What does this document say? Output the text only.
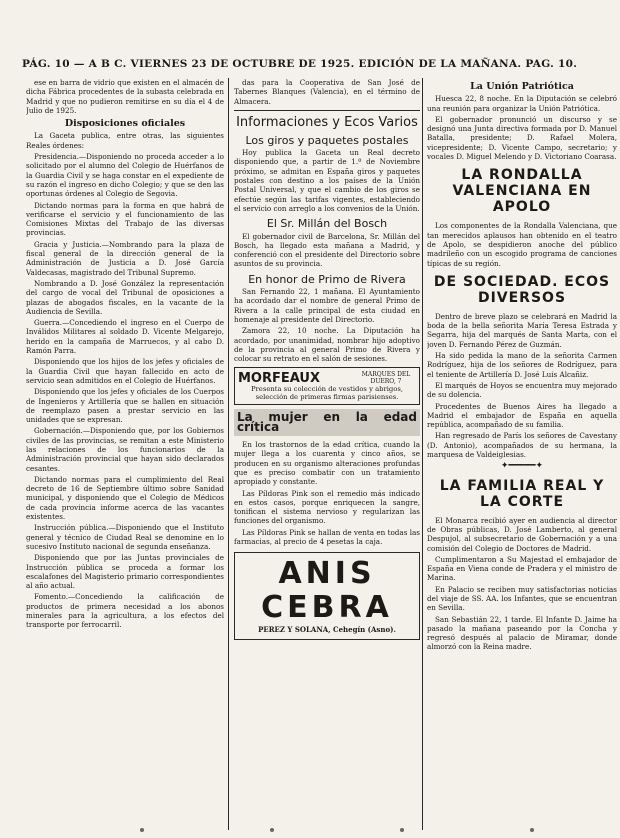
PÁG. 10 — A B C. VIERNES 23 DE OCTUBRE DE 1925. EDICIÓN DE LA MAÑANA. PAG. 10.

ese en barra de vidrio que existen en el almacén de dicha Fábrica procedentes de la subasta celebrada en Madrid y que no pudieron remitirse en su día el 4 de Julio de 1925.

Disposiciones oficiales

La Gaceta publica, entre otras, las siguientes Reales órdenes:

Presidencia.—Disponiendo no proceda acceder a lo solicitado por el alumno del Colegio de Huérfanos de la Guardia Civil y se haga constar en el expediente de su razón el ingreso en dicho Colegio; y que se den las oportunas órdenes al Colegio de Segovia.

Dictando normas para la forma en que habrá de verificarse el servicio y el funcionamiento de las Comisiones Mixtas del Trabajo de las diversas provincias.

Gracia y Justicia.—Nombrando para la plaza de fiscal general de la dirección general de la Administración de Justicia a D. José García Valdecasas, magistrado del Tribunal Supremo.

Nombrando a D. José González la representación del cargo de vocal del Tribunal de oposiciones a plazas de abogados fiscales, en la vacante de la Audiencia de Sevilla.

Guerra.—Concediendo el ingreso en el Cuerpo de Inválidos Militares al soldado D. Vicente Melgarejo, herido en la campaña de Marruecos, y al cabo D. Ramón Parra.

Disponiendo que los hijos de los jefes y oficiales de la Guardia Civil que hayan fallecido en acto de servicio sean admitidos en el Colegio de Huérfanos.

Disponiendo que los jefes y oficiales de los Cuerpos de Ingenieros y Artillería que se hallen en situación de reemplazo pasen a prestar servicio en las unidades que se expresan.

Gobernación.—Disponiendo que, por los Gobiernos civiles de las provincias, se remitan a este Ministerio las relaciones de los funcionarios de la Administración provincial que hayan sido declarados cesantes.

Dictando normas para el cumplimiento del Real decreto de 16 de Septiembre último sobre Sanidad municipal, y disponiendo que el Colegio de Médicos de cada provincia informe acerca de las vacantes existentes.

Instrucción pública.—Disponiendo que el Instituto general y técnico de Ciudad Real se denomine en lo sucesivo Instituto nacional de segunda enseñanza.

Disponiendo que por las Juntas provinciales de Instrucción pública se proceda a formar los escalafones del Magisterio primario correspondientes al año actual.

Fomento.—Concediendo la calificación de productos de primera necesidad a los abonos minerales para la agricultura, a los efectos del transporte por ferrocarril.

das para la Cooperativa de San José de Tabernes Blanques (Valencia), en el término de Almacera.

Informaciones y Ecos Varios
Los giros y paquetes postales

Hoy publica la Gaceta un Real decreto disponiendo que, a partir de 1.º de Noviembre próximo, se admitan en España giros y paquetes postales con destino a los países de la Unión Postal Universal, y que el cambio de los giros se efectúe según las tarifas vigentes, estableciendo el servicio con arreglo a los convenios de la Unión.

El Sr. Millán del Bosch

El gobernador civil de Barcelona, Sr. Millán del Bosch, ha llegado esta mañana a Madrid, y conferenció con el presidente del Directorio sobre asuntos de su provincia.

En honor de Primo de Rivera

San Fernando 22, 1 mañana. El Ayuntamiento ha acordado dar el nombre de general Primo de Rivera a la calle principal de esta ciudad en homenaje al presidente del Directorio.

Zamora 22, 10 noche. La Diputación ha acordado, por unanimidad, nombrar hijo adoptivo de la provincia al general Primo de Rivera y colocar su retrato en el salón de sesiones.

MORFEAUX	MARQUES DEL DUERO, 7
Presenta su colección de vestidos y abrigos, selección de primeras firmas parisienses.
La mujer en la edad crítica

En los trastornos de la edad crítica, cuando la mujer llega a los cuarenta y cinco años, se producen en su organismo alteraciones profundas que es preciso combatir con un tratamiento apropiado y constante.

Las Píldoras Pink son el remedio más indicado en estos casos, porque enriquecen la sangre, tonifican el sistema nervioso y regularizan las funciones del organismo.

Las Píldoras Pink se hallan de venta en todas las farmacias, al precio de 4 pesetas la caja.

ANIS CEBRA
PEREZ Y SOLANA, Cehegín (Asno).
La Unión Patriótica

Huesca 22, 8 noche. En la Diputación se celebró una reunión para organizar la Unión Patriótica.

El gobernador pronunció un discurso y se designó una Junta directiva formada por D. Manuel Batalla, presidente; D. Rafael Molera, vicepresidente; D. Vicente Campo, secretario; y vocales D. Miguel Melendo y D. Victoriano Coarasa.

LA RONDALLA VALENCIANA EN APOLO

Los componentes de la Rondalla Valenciana, que tan merecidos aplausos han obtenido en el teatro de Apolo, se despidieron anoche del público madrileño con un escogido programa de canciones típicas de su región.

DE SOCIEDAD. ECOS DIVERSOS

Dentro de breve plazo se celebrará en Madrid la boda de la bella señorita María Teresa Estrada y Segarra, hija del marqués de Santa Marta, con el joven D. Fernando Pérez de Guzmán.

Ha sido pedida la mano de la señorita Carmen Rodríguez, hija de los señores de Rodríguez, para el teniente de Artillería D. José Luis Alcañiz.

El marqués de Hoyos se encuentra muy mejorado de su dolencia.

Procedentes de Buenos Aires ha llegado a Madrid el embajador de España en aquella república, acompañado de su familia.

Han regresado de París los señores de Cavestany (D. Antonio), acompañados de su hermana, la marquesa de Valdeiglesias.

✦━━━━━✦
LA FAMILIA REAL Y LA CORTE

El Monarca recibió ayer en audiencia al director de Obras públicas, D. José Lamberto, al general Despujol, al subsecretario de Gobernación y a una comisión del Colegio de Doctores de Madrid.

Cumplimentaron a Su Majestad el embajador de España en Viena conde de Pradera y el ministro de Marina.

En Palacio se reciben muy satisfactorias noticias del viaje de SS. AA. los Infantes, que se encuentran en Sevilla.

San Sebastián 22, 1 tarde. El Infante D. Jaime ha pasado la mañana paseando por la Concha y regresó después al palacio de Miramar, donde almorzó con la Reina madre.
